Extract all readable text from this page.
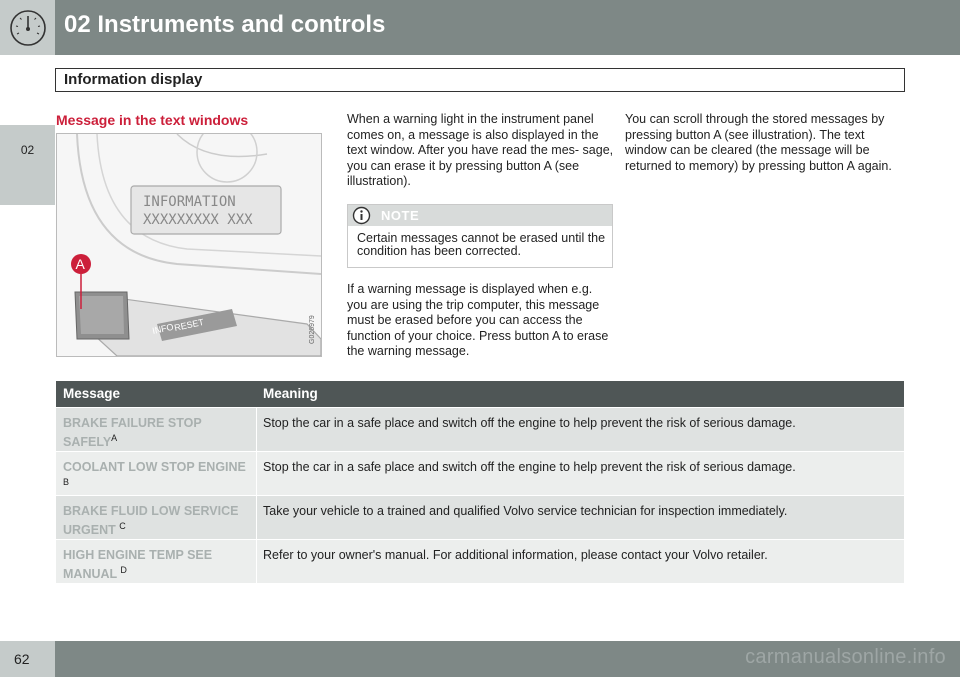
02 Instruments and controls
02
Information display
Message in the text windows
INFORMATION
XXXXXXXXX XXX
INFO
RESET
A
G026979
When a warning light in the instrument panel comes on, a message is also displayed in the text window. After you have read the mes- sage, you can erase it by pressing button A (see illustration).
NOTE
Certain messages cannot be erased until the condition has been corrected.
If a warning message is displayed when e.g. you are using the trip computer, this message must be erased before you can access the function of your choice. Press button A to erase the warning message.
You can scroll through the stored messages by pressing button A (see illustration). The text window can be cleared (the message will be returned to memory) by pressing button A again.
Message	Meaning
BRAKE FAILURE STOP $SAFELY^A$
Stop the car in a safe place and switch off the engine to help prevent the risk of serious damage.
COOLANT LOW STOP ENGINE $^B$
Stop the car in a safe place and switch off the engine to help prevent the risk of serious damage.
BRAKE FLUID LOW SERVICE URGENT $^C$
Take your vehicle to a trained and qualified Volvo service technician for inspection immediately.
HIGH ENGINE TEMP SEE MANUAL $^D$
Refer to your owner's manual. For additional information, please contact your Volvo retailer.
62	carmanualsonline.info
